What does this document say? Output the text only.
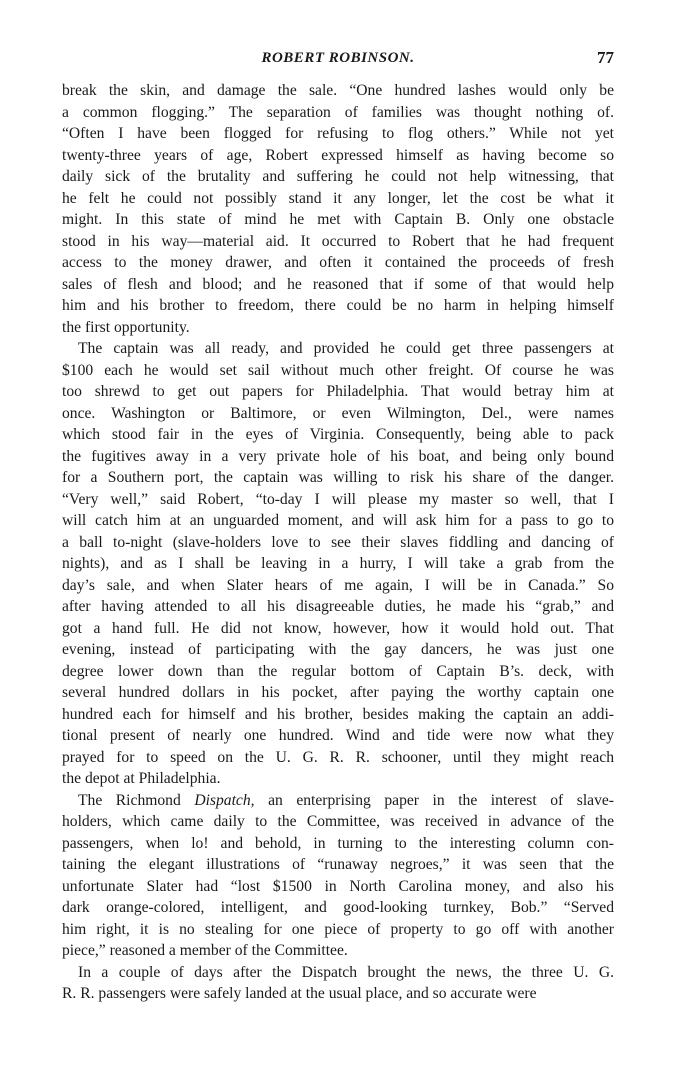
ROBERT ROBINSON.	77

break the skin, and damage the sale. “One hundred lashes would only be
a common flogging.” The separation of families was thought nothing of.
“Often I have been flogged for refusing to flog others.” While not yet
twenty-three years of age, Robert expressed himself as having become so
daily sick of the brutality and suffering he could not help witnessing, that
he felt he could not possibly stand it any longer, let the cost be what it
might. In this state of mind he met with Captain B. Only one obstacle
stood in his way—material aid. It occurred to Robert that he had frequent
access to the money drawer, and often it contained the proceeds of fresh
sales of flesh and blood; and he reasoned that if some of that would help
him and his brother to freedom, there could be no harm in helping himself
the first opportunity.

The captain was all ready, and provided he could get three passengers at
$100 each he would set sail without much other freight. Of course he was
too shrewd to get out papers for Philadelphia. That would betray him at
once. Washington or Baltimore, or even Wilmington, Del., were names
which stood fair in the eyes of Virginia. Consequently, being able to pack
the fugitives away in a very private hole of his boat, and being only bound
for a Southern port, the captain was willing to risk his share of the danger.
“Very well,” said Robert, “to-day I will please my master so well, that I
will catch him at an unguarded moment, and will ask him for a pass to go to
a ball to-night (slave-holders love to see their slaves fiddling and dancing of
nights), and as I shall be leaving in a hurry, I will take a grab from the
day’s sale, and when Slater hears of me again, I will be in Canada.” So
after having attended to all his disagreeable duties, he made his “grab,” and
got a hand full. He did not know, however, how it would hold out. That
evening, instead of participating with the gay dancers, he was just one
degree lower down than the regular bottom of Captain B’s. deck, with
several hundred dollars in his pocket, after paying the worthy captain one
hundred each for himself and his brother, besides making the captain an addi-
tional present of nearly one hundred. Wind and tide were now what they
prayed for to speed on the U. G. R. R. schooner, until they might reach
the depot at Philadelphia.

The Richmond Dispatch, an enterprising paper in the interest of slave-
holders, which came daily to the Committee, was received in advance of the
passengers, when lo! and behold, in turning to the interesting column con-
taining the elegant illustrations of “runaway negroes,” it was seen that the
unfortunate Slater had “lost $1500 in North Carolina money, and also his
dark orange-colored, intelligent, and good-looking turnkey, Bob.” “Served
him right, it is no stealing for one piece of property to go off with another
piece,” reasoned a member of the Committee.

In a couple of days after the Dispatch brought the news, the three U. G.
R. R. passengers were safely landed at the usual place, and so accurate were
